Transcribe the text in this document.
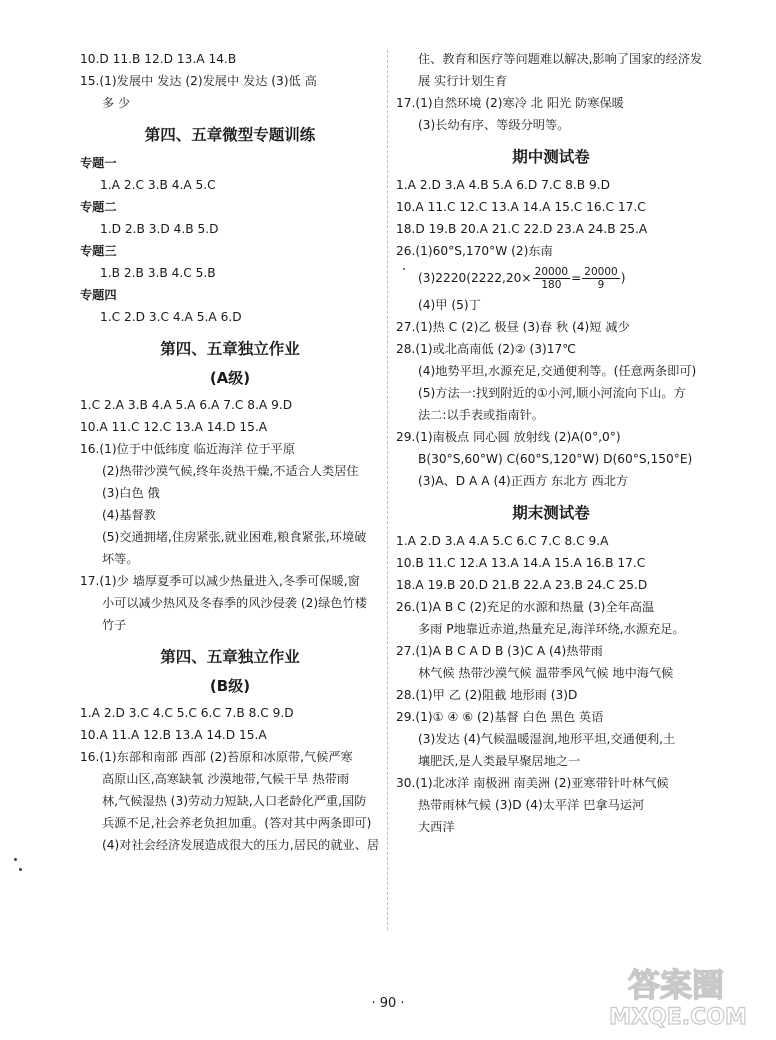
10.D 11.B 12.D 13.A 14.B
15.(1)发展中 发达 (2)发展中 发达 (3)低 高
多 少
第四、五章微型专题训练
专题一
1.A 2.C 3.B 4.A 5.C
专题二
1.D 2.B 3.D 4.B 5.D
专题三
1.B 2.B 3.B 4.C 5.B
专题四
1.C 2.D 3.C 4.A 5.A 6.D
第四、五章独立作业
(A级)
1.C 2.A 3.B 4.A 5.A 6.A 7.C 8.A 9.D
10.A 11.C 12.C 13.A 14.D 15.A
16.(1)位于中低纬度 临近海洋 位于平原
(2)热带沙漠气候,终年炎热干燥,不适合人类居住
(3)白色 俄
(4)基督教
(5)交通拥堵,住房紧张,就业困难,粮食紧张,环境破
坏等。
17.(1)少 墙厚夏季可以减少热量进入,冬季可保暖,窗
小可以减少热风及冬春季的风沙侵袭 (2)绿色竹楼
竹子
第四、五章独立作业
(B级)
1.A 2.D 3.C 4.C 5.C 6.C 7.B 8.C 9.D
10.A 11.A 12.B 13.A 14.D 15.A
16.(1)东部和南部 西部 (2)苔原和冰原带,气候严寒
高原山区,高寒缺氧 沙漠地带,气候干旱 热带雨
林,气候湿热 (3)劳动力短缺,人口老龄化严重,国防
兵源不足,社会养老负担加重。(答对其中两条即可)
(4)对社会经济发展造成很大的压力,居民的就业、居
住、教育和医疗等问题难以解决,影响了国家的经济发
展 实行计划生育
17.(1)自然环境 (2)寒冷 北 阳光 防寒保暖
(3)长幼有序、等级分明等。
期中测试卷
1.A 2.D 3.A 4.B 5.A 6.D 7.C 8.B 9.D
10.A 11.C 12.C 13.A 14.A 15.C 16.C 17.C
18.D 19.B 20.A 21.C 22.D 23.A 24.B 25.A
26.(1)60°S,170°W (2)东南
$(3)2220(2222,20\times \frac{20000}{180} = \frac{20000}{9}$ )
(4)甲 (5)丁
27.(1)热 C (2)乙 极昼 (3)春 秋 (4)短 减少
28.(1)或北高南低 (2)② (3)17℃
(4)地势平坦,水源充足,交通便利等。(任意两条即可)
(5)方法一:找到附近的①小河,顺小河流向下山。方
法二:以手表或指南针。
29.(1)南极点 同心圆 放射线 (2)A(0°,0°)
B(30°S,60°W) C(60°S,120°W) D(60°S,150°E)
(3)A、D A A (4)正西方 东北方 西北方
期末测试卷
1.A 2.D 3.A 4.A 5.C 6.C 7.C 8.C 9.A
10.B 11.C 12.A 13.A 14.A 15.A 16.B 17.C
18.A 19.B 20.D 21.B 22.A 23.B 24.C 25.D
26.(1)A B C (2)充足的水源和热量 (3)全年高温
多雨 P地靠近赤道,热量充足,海洋环绕,水源充足。
27.(1)A B C A D B (3)C A (4)热带雨
林气候 热带沙漠气候 温带季风气候 地中海气候
28.(1)甲 乙 (2)阻截 地形雨 (3)D
29.(1)① ④ ⑥ (2)基督 白色 黑色 英语
(3)发达 (4)气候温暖湿润,地形平坦,交通便利,土
壤肥沃,是人类最早聚居地之一
30.(1)北冰洋 南极洲 南美洲 (2)亚寒带针叶林气候
热带雨林气候 (3)D (4)太平洋 巴拿马运河
大西洋
· 90 ·	答案圈
MXQE.COM
